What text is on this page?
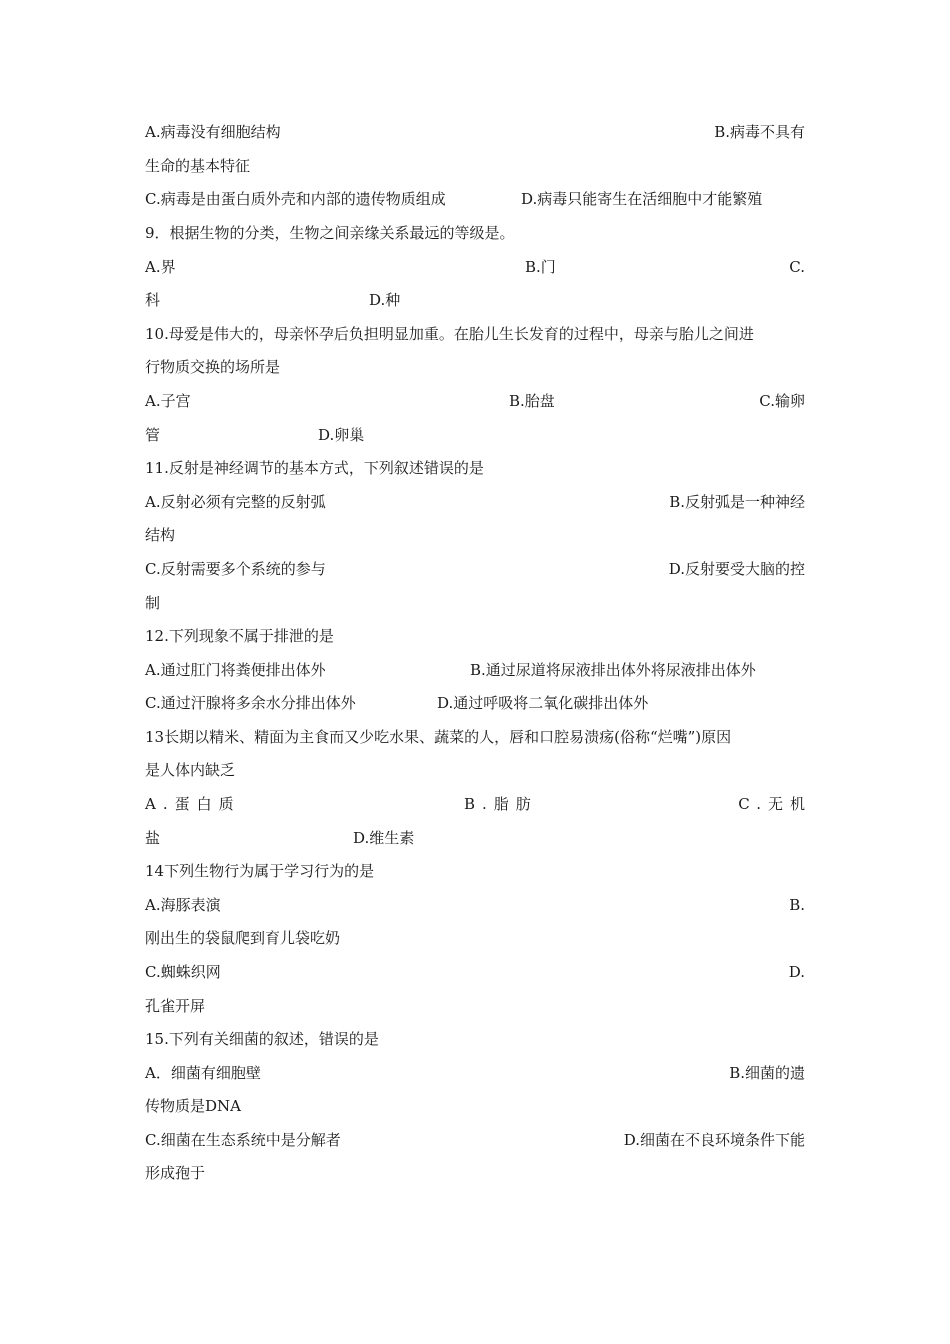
A.病毒没有细胞结构	B.病毒不具有
生命的基本特征
C.病毒是由蛋白质外壳和内部的遗传物质组成	D.病毒只能寄生在活细胞中才能繁殖
9．根据生物的分类，生物之间亲缘关系最远的等级是。
A.界	B.门	C.
科	D.种
10.母爱是伟大的，母亲怀孕后负担明显加重。在胎儿生长发育的过程中，母亲与胎儿之间进
行物质交换的场所是
A.子宫	B.胎盘	C.输卵
管	D.卵巢
11.反射是神经调节的基本方式，下列叙述错误的是
A.反射必须有完整的反射弧	B.反射弧是一种神经
结构
C.反射需要多个系统的参与	D.反射要受大脑的控
制
12.下列现象不属于排泄的是
A.通过肛门将粪便排出体外	B.通过尿道将尿液排出体外将尿液排出体外
C.通过汗腺将多余水分排出体外	D.通过呼吸将二氧化碳排出体外
13长期以精米、精面为主食而又少吃水果、蔬菜的人，唇和口腔易溃疡(俗称“烂嘴”)原因
是人体内缺乏
A.蛋白质	B.脂肪	C.无机
盐	D.维生素
14下列生物行为属于学习行为的是
A.海豚表演	B.
刚出生的袋鼠爬到育儿袋吃奶
C.蜘蛛织网	D.
孔雀开屏
15.下列有关细菌的叙述，错误的是
A．细菌有细胞壁	B.细菌的遗
传物质是DNA
C.细菌在生态系统中是分解者	D.细菌在不良环境条件下能
形成孢于
